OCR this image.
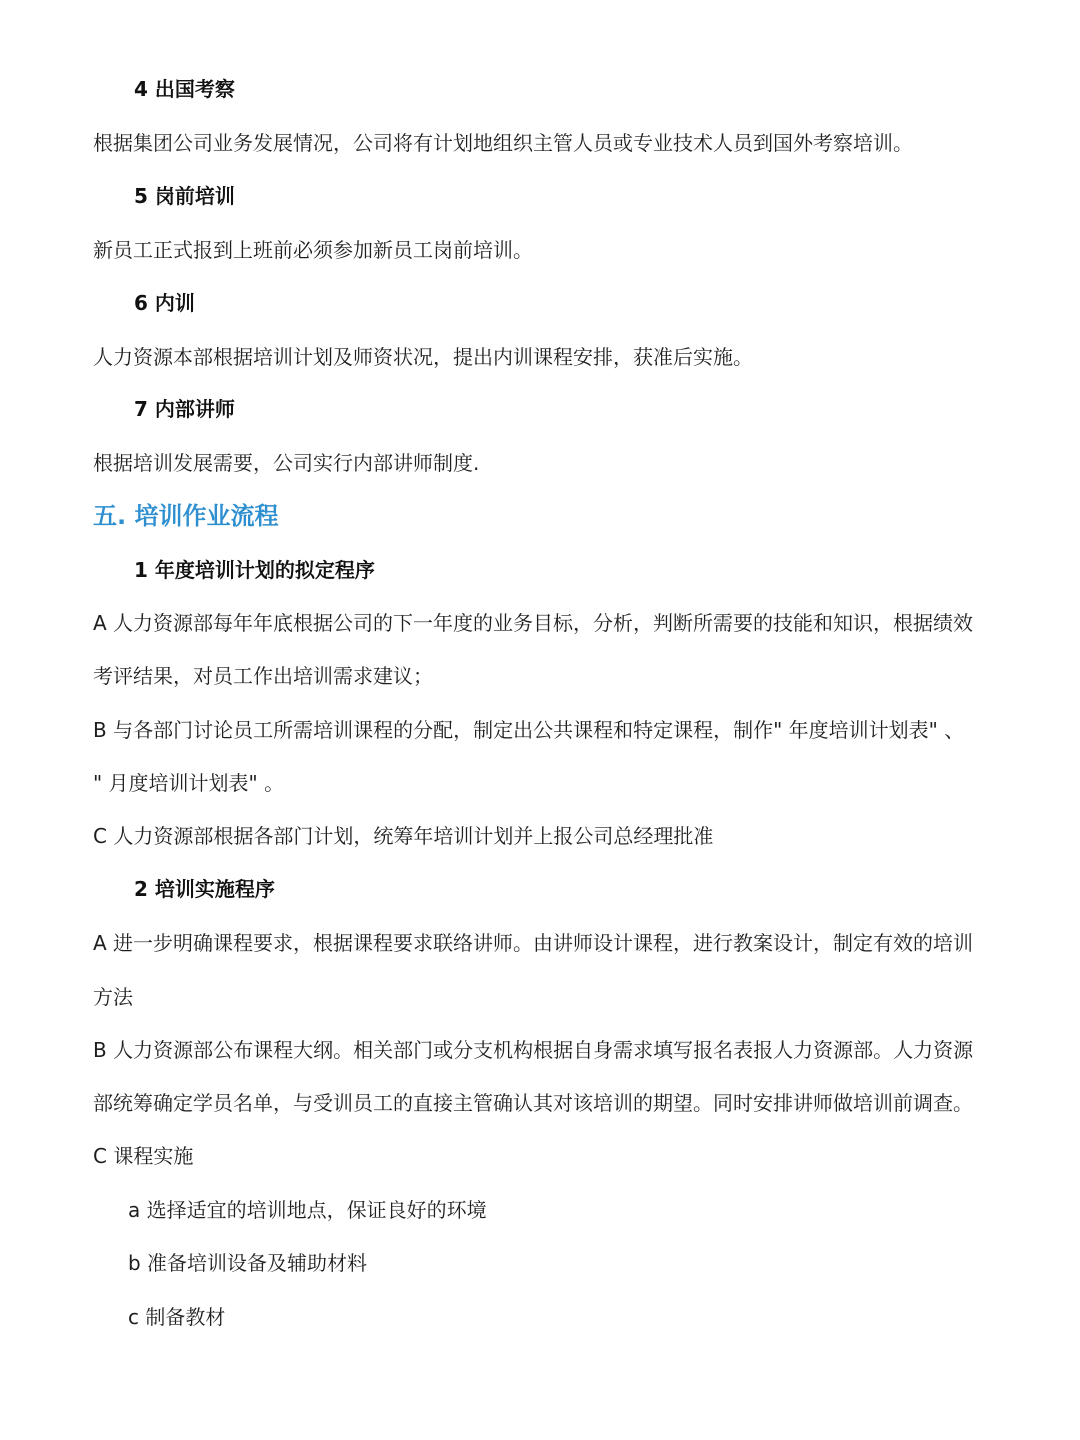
4 出国考察
根据集团公司业务发展情况，公司将有计划地组织主管人员或专业技术人员到国外考察培训。
5 岗前培训
新员工正式报到上班前必须参加新员工岗前培训。
6 内训
人力资源本部根据培训计划及师资状况，提出内训课程安排，获准后实施。
7 内部讲师
根据培训发展需要，公司实行内部讲师制度.
五. 培训作业流程
1 年度培训计划的拟定程序
A 人力资源部每年年底根据公司的下一年度的业务目标，分析，判断所需要的技能和知识，根据绩效
考评结果，对员工作出培训需求建议；
B 与各部门讨论员工所需培训课程的分配，制定出公共课程和特定课程，制作" 年度培训计划表" 、
" 月度培训计划表" 。
C 人力资源部根据各部门计划，统筹年培训计划并上报公司总经理批准
2 培训实施程序
A 进一步明确课程要求，根据课程要求联络讲师。由讲师设计课程，进行教案设计，制定有效的培训
方法
B 人力资源部公布课程大纲。相关部门或分支机构根据自身需求填写报名表报人力资源部。人力资源
部统筹确定学员名单，与受训员工的直接主管确认其对该培训的期望。同时安排讲师做培训前调查。
C 课程实施
a 选择适宜的培训地点，保证良好的环境
b 准备培训设备及辅助材料
c 制备教材
